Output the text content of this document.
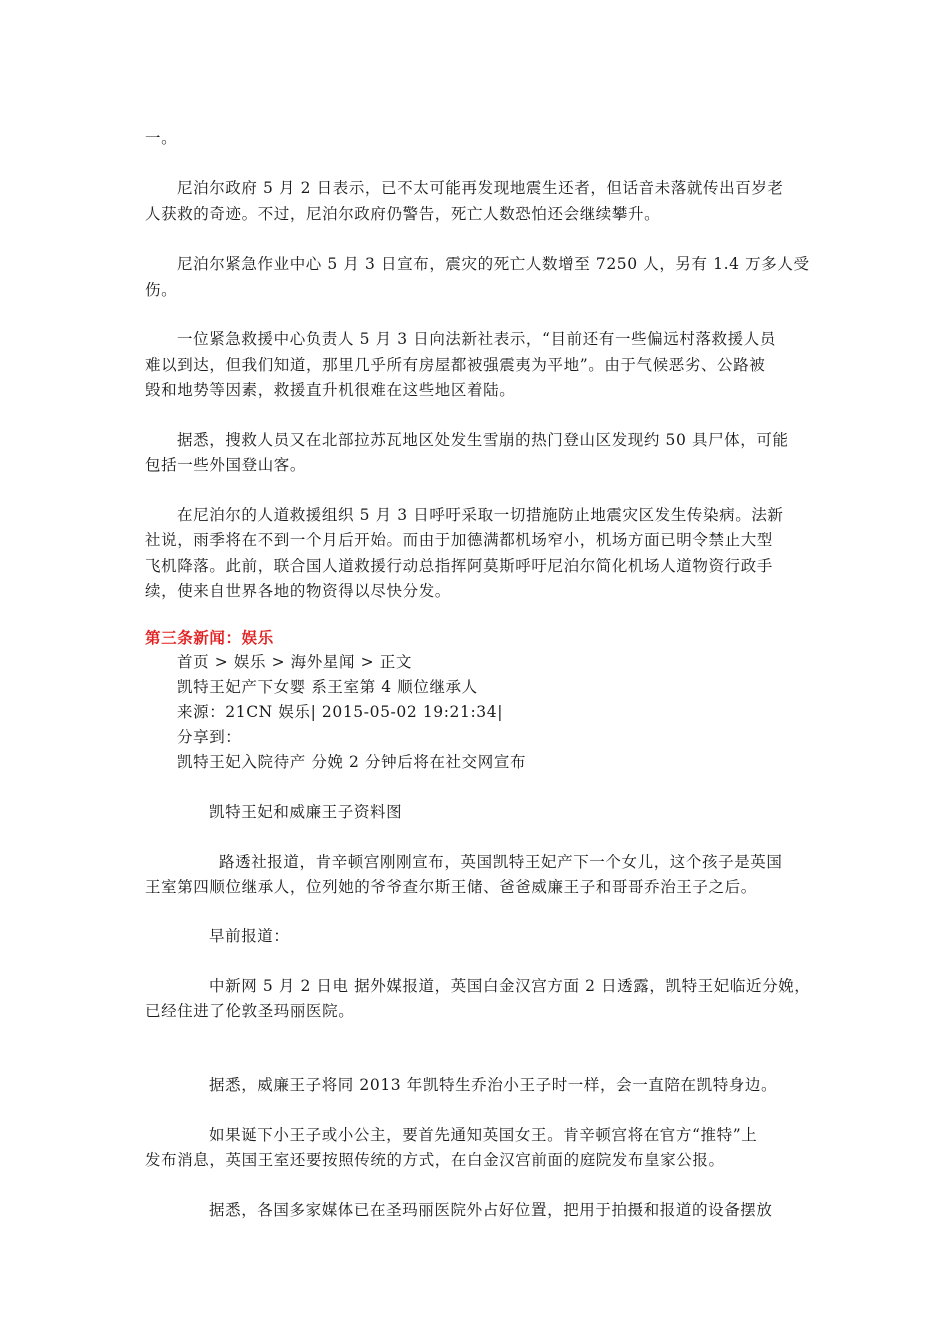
一。
尼泊尔政府 5 月 2 日表示，已不太可能再发现地震生还者，但话音未落就传出百岁老
人获救的奇迹。不过，尼泊尔政府仍警告，死亡人数恐怕还会继续攀升。
尼泊尔紧急作业中心 5 月 3 日宣布，震灾的死亡人数增至 7250 人，另有 1.4 万多人受
伤。
一位紧急救援中心负责人 5 月 3 日向法新社表示，“目前还有一些偏远村落救援人员
难以到达，但我们知道，那里几乎所有房屋都被强震夷为平地”。由于气候恶劣、公路被
毁和地势等因素，救援直升机很难在这些地区着陆。
据悉，搜救人员又在北部拉苏瓦地区处发生雪崩的热门登山区发现约 50 具尸体，可能
包括一些外国登山客。
在尼泊尔的人道救援组织 5 月 3 日呼吁采取一切措施防止地震灾区发生传染病。法新
社说，雨季将在不到一个月后开始。而由于加德满都机场窄小，机场方面已明令禁止大型
飞机降落。此前，联合国人道救援行动总指挥阿莫斯呼吁尼泊尔简化机场人道物资行政手
续，使来自世界各地的物资得以尽快分发。
第三条新闻：娱乐
首页 > 娱乐 > 海外星闻 > 正文
凯特王妃产下女婴 系王室第 4 顺位继承人
来源：21CN 娱乐| 2015-05-02 19:21:34|
分享到：
凯特王妃入院待产 分娩 2 分钟后将在社交网宣布
凯特王妃和威廉王子资料图
路透社报道，肯辛顿宫刚刚宣布，英国凯特王妃产下一个女儿，这个孩子是英国
王室第四顺位继承人，位列她的爷爷查尔斯王储、爸爸威廉王子和哥哥乔治王子之后。
早前报道：
中新网 5 月 2 日电 据外媒报道，英国白金汉宫方面 2 日透露，凯特王妃临近分娩，
已经住进了伦敦圣玛丽医院。
据悉，威廉王子将同 2013 年凯特生乔治小王子时一样，会一直陪在凯特身边。
如果诞下小王子或小公主，要首先通知英国女王。肯辛顿宫将在官方“推特”上
发布消息，英国王室还要按照传统的方式，在白金汉宫前面的庭院发布皇家公报。
据悉，各国多家媒体已在圣玛丽医院外占好位置，把用于拍摄和报道的设备摆放
